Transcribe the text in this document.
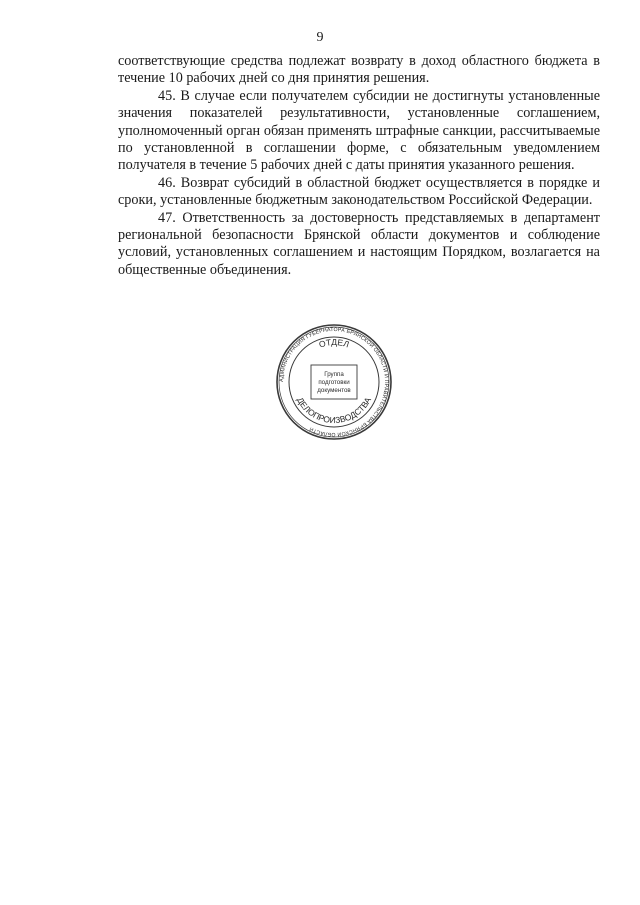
9

соответствующие средства подлежат возврату в доход областного бюджета в течение 10 рабочих дней со дня принятия решения.

45. В случае если получателем субсидии не достигнуты установленные значения показателей результативности, установленные соглашением, уполномоченный орган обязан применять штрафные санкции, рассчитываемые по установленной в соглашении форме, с обязательным уведомлением получателя в течение 5 рабочих дней с даты принятия указанного решения.

46. Возврат субсидий в областной бюджет осуществляется в порядке и сроки, установленные бюджетным законодательством Российской Федерации.

47. Ответственность за достоверность представляемых в департамент региональной безопасности Брянской области документов и соблюдение условий, установленных соглашением и настоящим Порядком, возлагается на общественные объединения.

АДМИНИСТРАЦИЯ ГУБЕРНАТОРА БРЯНСКОЙ ОБЛАСТИ И ПРАВИТЕЛЬСТВА БРЯНСКОЙ ОБЛАСТИ
ОТДЕЛ
ДЕЛОПРОИЗВОДСТВА
Группа
подготовки
документов
